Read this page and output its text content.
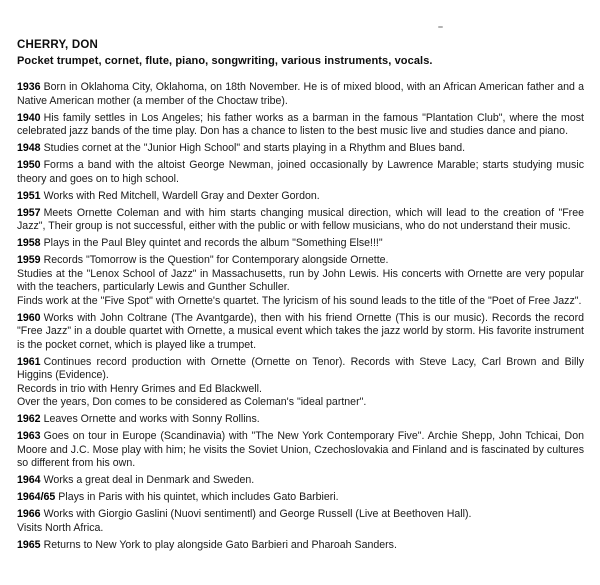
CHERRY, DON

Pocket trumpet, cornet, flute, piano, songwriting, various instruments, vocals.

1936 Born in Oklahoma City, Oklahoma, on 18th November. He is of mixed blood, with an African American father and a Native American mother (a member of the Choctaw tribe).

1940 His family settles in Los Angeles; his father works as a barman in the famous "Plantation Club", where the most celebrated jazz bands of the time play. Don has a chance to listen to the best music live and studies dance and piano.

1948 Studies cornet at the "Junior High School" and starts playing in a Rhythm and Blues band.

1950 Forms a band with the altoist George Newman, joined occasionally by Lawrence Marable; starts studying music theory and goes on to high school.

1951 Works with Red Mitchell, Wardell Gray and Dexter Gordon.

1957 Meets Ornette Coleman and with him starts changing musical direction, which will lead to the creation of "Free Jazz", Their group is not successful, either with the public or with fellow musicians, who do not understand their music.

1958 Plays in the Paul Bley quintet and records the album "Something Else!!!"

1959 Records "Tomorrow is the Question" for Contemporary alongside Ornette.

Studies at the "Lenox School of Jazz" in Massachusetts, run by John Lewis. His concerts with Ornette are very popular with the teachers, particularly Lewis and Gunther Schuller.

Finds work at the "Five Spot" with Ornette's quartet. The lyricism of his sound leads to the title of the "Poet of Free Jazz".

1960 Works with John Coltrane (The Avantgarde), then with his friend Ornette (This is our music). Records the record "Free Jazz" in a double quartet with Ornette, a musical event which takes the jazz world by storm. His favorite instrument is the pocket cornet, which is played like a trumpet.

1961 Continues record production with Ornette (Ornette on Tenor). Records with Steve Lacy, Carl Brown and Billy Higgins (Evidence).

Records in trio with Henry Grimes and Ed Blackwell.

Over the years, Don comes to be considered as Coleman's "ideal partner".

1962 Leaves Ornette and works with Sonny Rollins.

1963 Goes on tour in Europe (Scandinavia) with "The New York Contemporary Five". Archie Shepp, John Tchicai, Don Moore and J.C. Mose play with him; he visits the Soviet Union, Czechoslovakia and Finland and is fascinated by cultures so different from his own.

1964 Works a great deal in Denmark and Sweden.

1964/65 Plays in Paris with his quintet, which includes Gato Barbieri.

1966 Works with Giorgio Gaslini (Nuovi sentimentl) and George Russell (Live at Beethoven Hall).

Visits North Africa.

1965 Returns to New York to play alongside Gato Barbieri and Pharoah Sanders.
